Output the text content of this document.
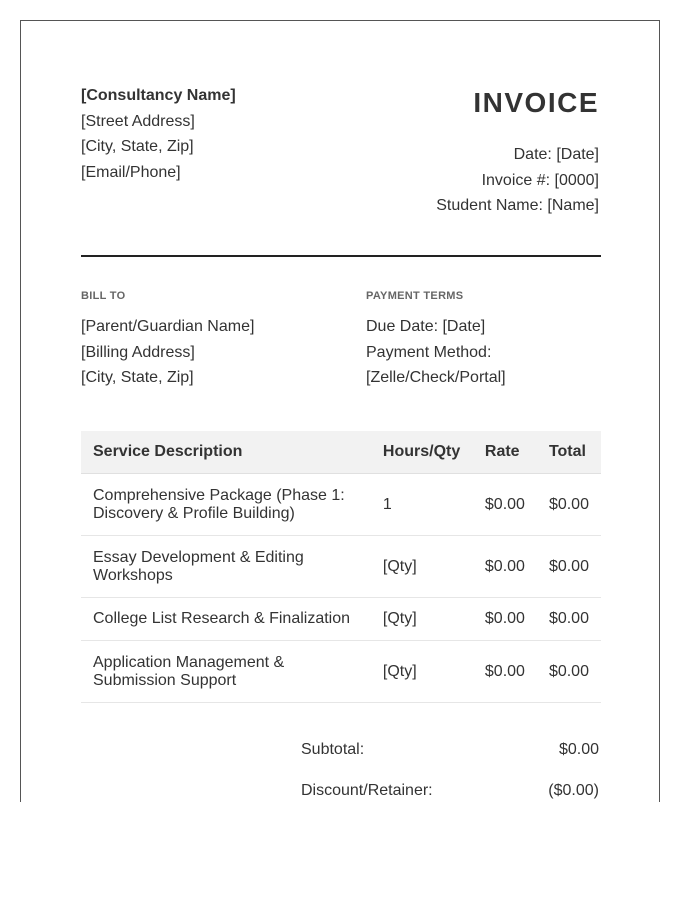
[Consultancy Name]
[Street Address]
[City, State, Zip]
[Email/Phone]
INVOICE
Date: [Date]
Invoice #: [0000]
Student Name: [Name]
BILL TO
[Parent/Guardian Name]
[Billing Address]
[City, State, Zip]
PAYMENT TERMS
Due Date: [Date]
Payment Method:
[Zelle/Check/Portal]
Service Description	Hours/Qty	Rate	Total
Comprehensive Package (Phase 1: Discovery & Profile Building)	1	$0.00	$0.00
Essay Development & Editing Workshops	[Qty]	$0.00	$0.00
College List Research & Finalization	[Qty]	$0.00	$0.00
Application Management & Submission Support	[Qty]	$0.00	$0.00
Subtotal:	$0.00
Discount/Retainer:	($0.00)
